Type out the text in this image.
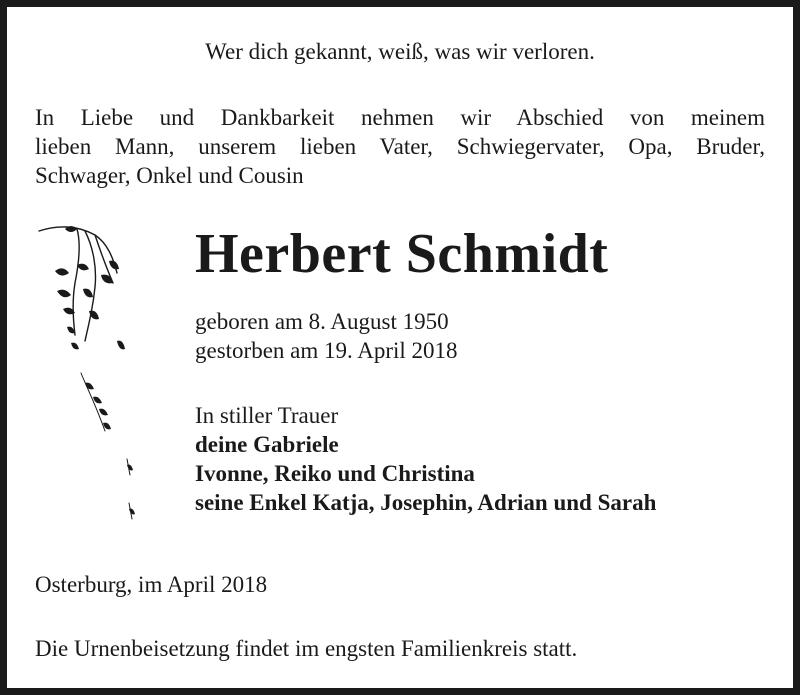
Wer dich gekannt, weiß, was wir verloren.
In Liebe und Dankbarkeit nehmen wir Abschied von meinem
lieben Mann, unserem lieben Vater, Schwiegervater, Opa, Bruder,
Schwager, Onkel und Cousin
Herbert Schmidt
geboren am 8. August 1950
gestorben am 19. April 2018
In stiller Trauer
deine Gabriele
Ivonne, Reiko und Christina
seine Enkel Katja, Josephin, Adrian und Sarah
Osterburg, im April 2018
Die Urnenbeisetzung findet im engsten Familienkreis statt.
